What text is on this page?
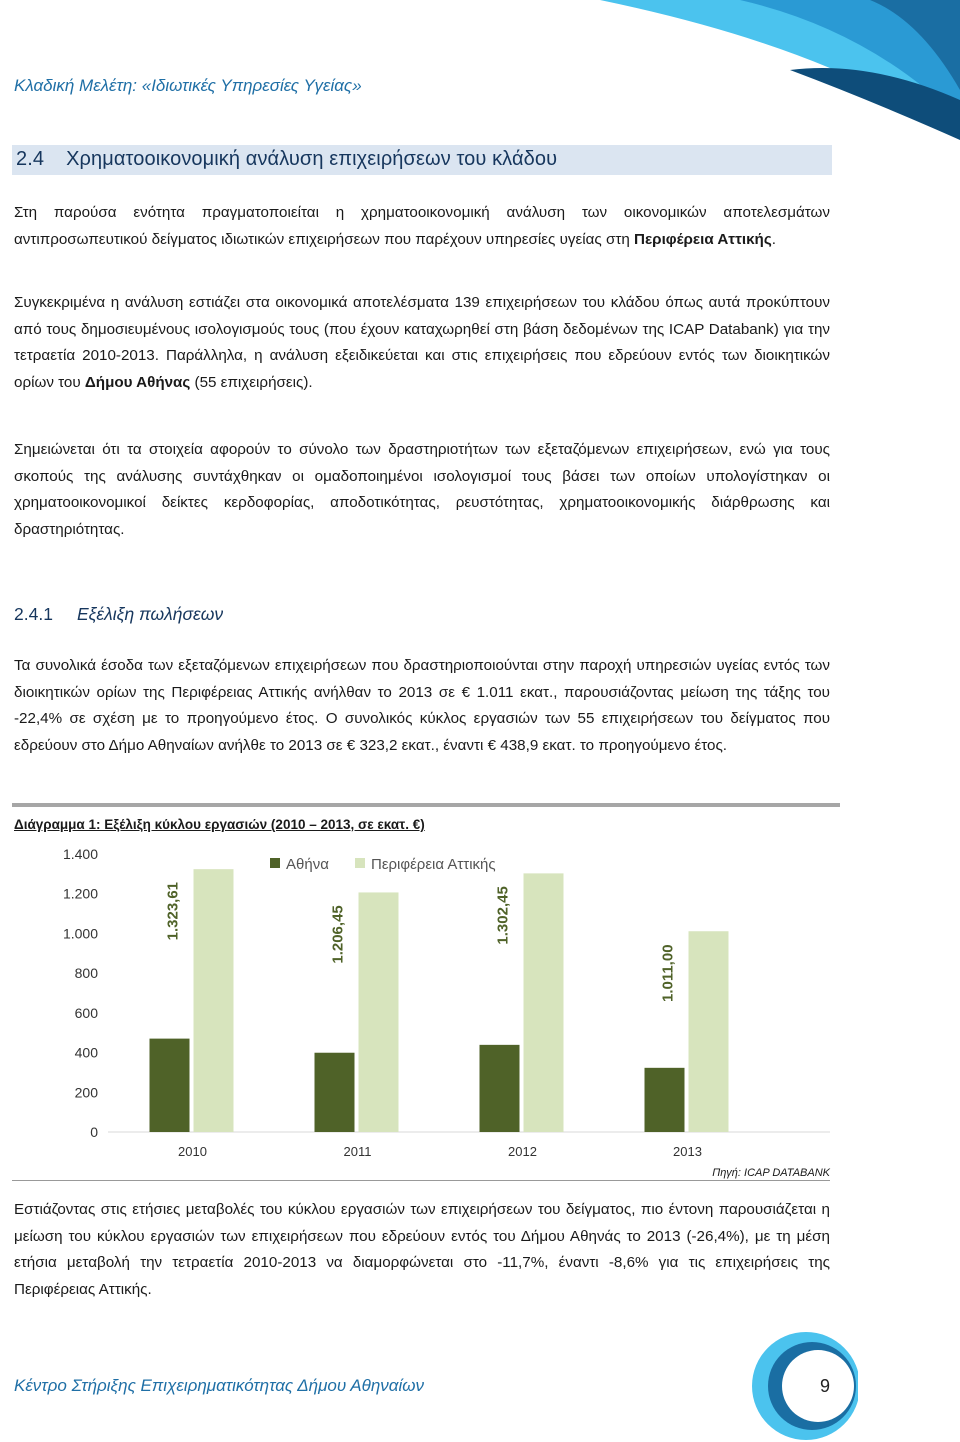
Κλαδική Μελέτη: «Ιδιωτικές Υπηρεσίες Υγείας»
2.4 Χρηματοοικονομική ανάλυση επιχειρήσεων του κλάδου

Στη παρούσα ενότητα πραγματοποιείται η χρηματοοικονομική ανάλυση των οικονομικών αποτελεσμάτων αντιπροσωπευτικού δείγματος ιδιωτικών επιχειρήσεων που παρέχουν υπηρεσίες υγείας στη Περιφέρεια Αττικής.

Συγκεκριμένα η ανάλυση εστιάζει στα οικονομικά αποτελέσματα 139 επιχειρήσεων του κλάδου όπως αυτά προκύπτουν από τους δημοσιευμένους ισολογισμούς τους (που έχουν καταχωρηθεί στη βάση δεδομένων της ICAP Databank) για την τετραετία 2010-2013. Παράλληλα, η ανάλυση εξειδικεύεται και στις επιχειρήσεις που εδρεύουν εντός των διοικητικών ορίων του Δήμου Αθήνας (55 επιχειρήσεις).

Σημειώνεται ότι τα στοιχεία αφορούν το σύνολο των δραστηριοτήτων των εξεταζόμενων επιχειρήσεων, ενώ για τους σκοπούς της ανάλυσης συντάχθηκαν οι ομαδοποιημένοι ισολογισμοί τους βάσει των οποίων υπολογίστηκαν οι χρηματοοικονομικοί δείκτες κερδοφορίας, αποδοτικότητας, ρευστότητας, χρηματοοικονομικής διάρθρωσης και δραστηριότητας.

2.4.1 Εξέλιξη πωλήσεων

Τα συνολικά έσοδα των εξεταζόμενων επιχειρήσεων που δραστηριοποιούνται στην παροχή υπηρεσιών υγείας εντός των διοικητικών ορίων της Περιφέρειας Αττικής ανήλθαν το 2013 σε € 1.011 εκατ., παρουσιάζοντας μείωση της τάξης του -22,4% σε σχέση με το προηγούμενο έτος. Ο συνολικός κύκλος εργασιών των 55 επιχειρήσεων του δείγματος που εδρεύουν στο Δήμο Αθηναίων ανήλθε το 2013 σε € 323,2 εκατ., έναντι € 438,9 εκατ. το προηγούμενο έτος.

Διάγραμμα 1: Εξέλιξη κύκλου εργασιών (2010 – 2013, σε εκατ. €)
0
200
400
600
800
1.000
1.200
1.400
2010
470,3
1.323,61
2011
399,2
1.206,45
2012
438,9
1.302,45
2013
323,2
1.011,00
Αθήνα	Περιφέρεια Αττικής
Πηγή: ICAP DATABANK

Εστιάζοντας στις ετήσιες μεταβολές του κύκλου εργασιών των επιχειρήσεων του δείγματος, πιο έντονη παρουσιάζεται η μείωση του κύκλου εργασιών των επιχειρήσεων που εδρεύουν εντός του Δήμου Αθηνάς το 2013 (-26,4%), με τη μέση ετήσια μεταβολή την τετραετία 2010-2013 να διαμορφώνεται στο -11,7%, έναντι -8,6% για τις επιχειρήσεις της Περιφέρειας Αττικής.

Κέντρο Στήριξης Επιχειρηματικότητας Δήμου Αθηναίων	9
